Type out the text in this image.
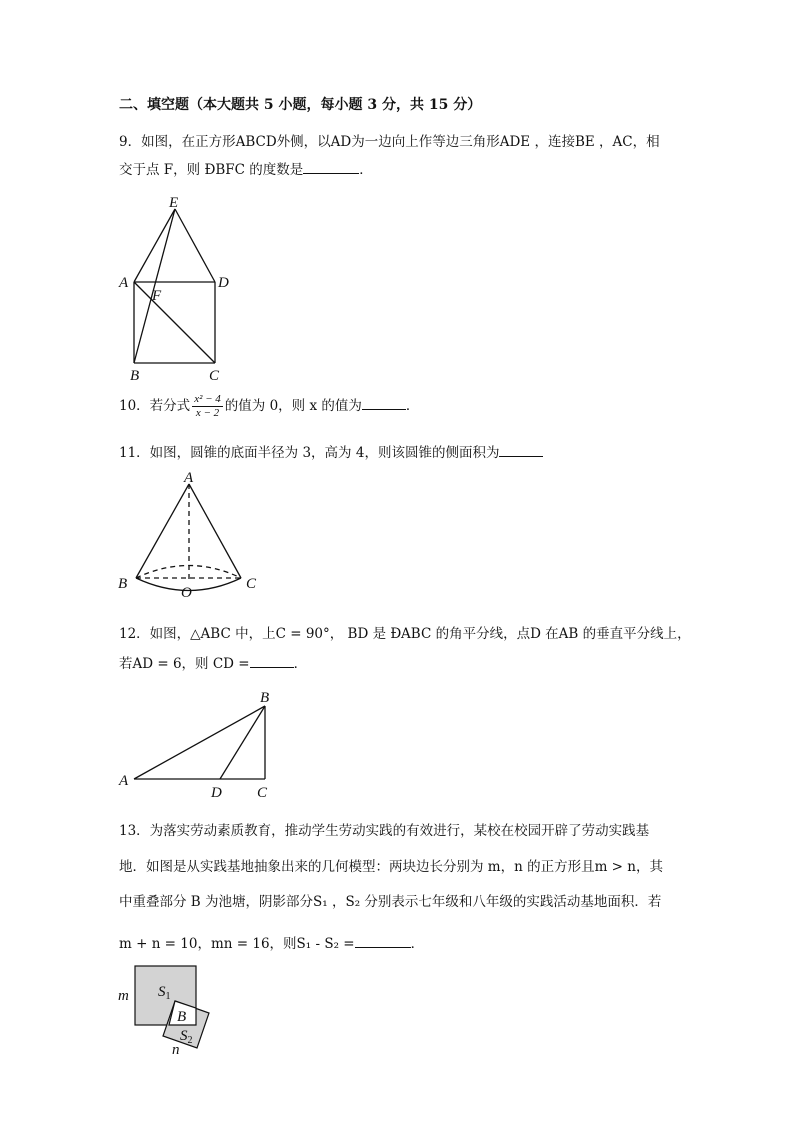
二、填空题（本大题共 5 小题，每小题 3 分，共 15 分）
9．如图，在正方形ABCD外侧，以AD为一边向上作等边三角形ADE ，连接BE ，AC，相
交于点 F，则 ÐBFC 的度数是	．
E
A	D
F
B	C
10．若分式 $\frac{\text{x² − 4}}{x - 2}$ 的值为 0，则 x 的值为	．
11．如图，圆锥的底面半径为 3，高为 4，则该圆锥的侧面积为
A
B	C
O
12．如图，△ABC 中，上C = 90°， BD 是 ÐABC 的角平分线，点D 在AB 的垂直平分线上，
若AD = 6，则 CD =	．
B
A
D C
13．为落实劳动素质教育，推动学生劳动实践的有效进行，某校在校园开辟了劳动实践基
地．如图是从实践基地抽象出来的几何模型：两块边长分别为 m，n 的正方形且m > n，其
中重叠部分 B 为池塘，阴影部分S₁ ，S₂ 分别表示七年级和八年级的实践活动基地面积．若
m + n = 10，mn = 16，则S₁ - S₂ =	．
m $S_1$
B
$S_2$
n
